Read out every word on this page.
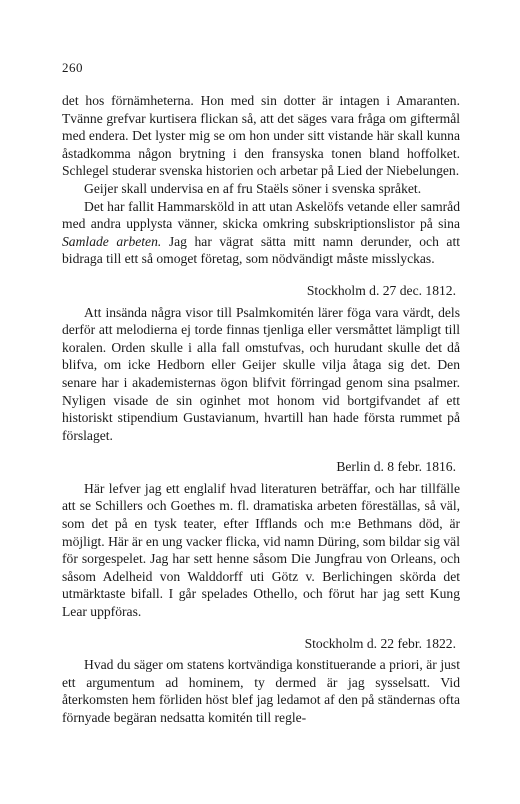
260

det hos förnämheterna. Hon med sin dotter är intagen i Amaranten. Tvänne grefvar kurtisera flickan så, att det säges vara fråga om giftermål med endera. Det lyster mig se om hon under sitt vistande här skall kunna åstadkomma någon brytning i den fransyska tonen bland hoffolket. Schlegel studerar svenska historien och arbetar på Lied der Niebelungen.

Geijer skall undervisa en af fru Staëls söner i svenska språket.

Det har fallit Hammarsköld in att utan Askelöfs vetande eller samråd med andra upplysta vänner, skicka omkring subskriptionslistor på sina Samlade arbeten. Jag har vägrat sätta mitt namn derunder, och att bidraga till ett så omoget företag, som nödvändigt måste misslyckas.

Stockholm d. 27 dec. 1812.

Att insända några visor till Psalmkomitén lärer föga vara värdt, dels derför att melodierna ej torde finnas tjenliga eller versmåttet lämpligt till koralen. Orden skulle i alla fall omstufvas, och hurudant skulle det då blifva, om icke Hedborn eller Geijer skulle vilja åtaga sig det. Den senare har i akademisternas ögon blifvit förringad genom sina psalmer. Nyligen visade de sin oginhet mot honom vid bortgifvandet af ett historiskt stipendium Gustavianum, hvartill han hade första rummet på förslaget.

Berlin d. 8 febr. 1816.

Här lefver jag ett englalif hvad literaturen beträffar, och har tillfälle att se Schillers och Goethes m. fl. dramatiska arbeten föreställas, så väl, som det på en tysk teater, efter Ifflands och m:e Bethmans död, är möjligt. Här är en ung vacker flicka, vid namn Düring, som bildar sig väl för sorgespelet. Jag har sett henne såsom Die Jungfrau von Orleans, och såsom Adelheid von Walddorff uti Götz v. Berlichingen skörda det utmärktaste bifall. I går spelades Othello, och förut har jag sett Kung Lear uppföras.

Stockholm d. 22 febr. 1822.

Hvad du säger om statens kortvändiga konstituerande a priori, är just ett argumentum ad hominem, ty dermed är jag sysselsatt. Vid återkomsten hem förliden höst blef jag ledamot af den på ständernas ofta förnyade begäran nedsatta komitén till regle-
